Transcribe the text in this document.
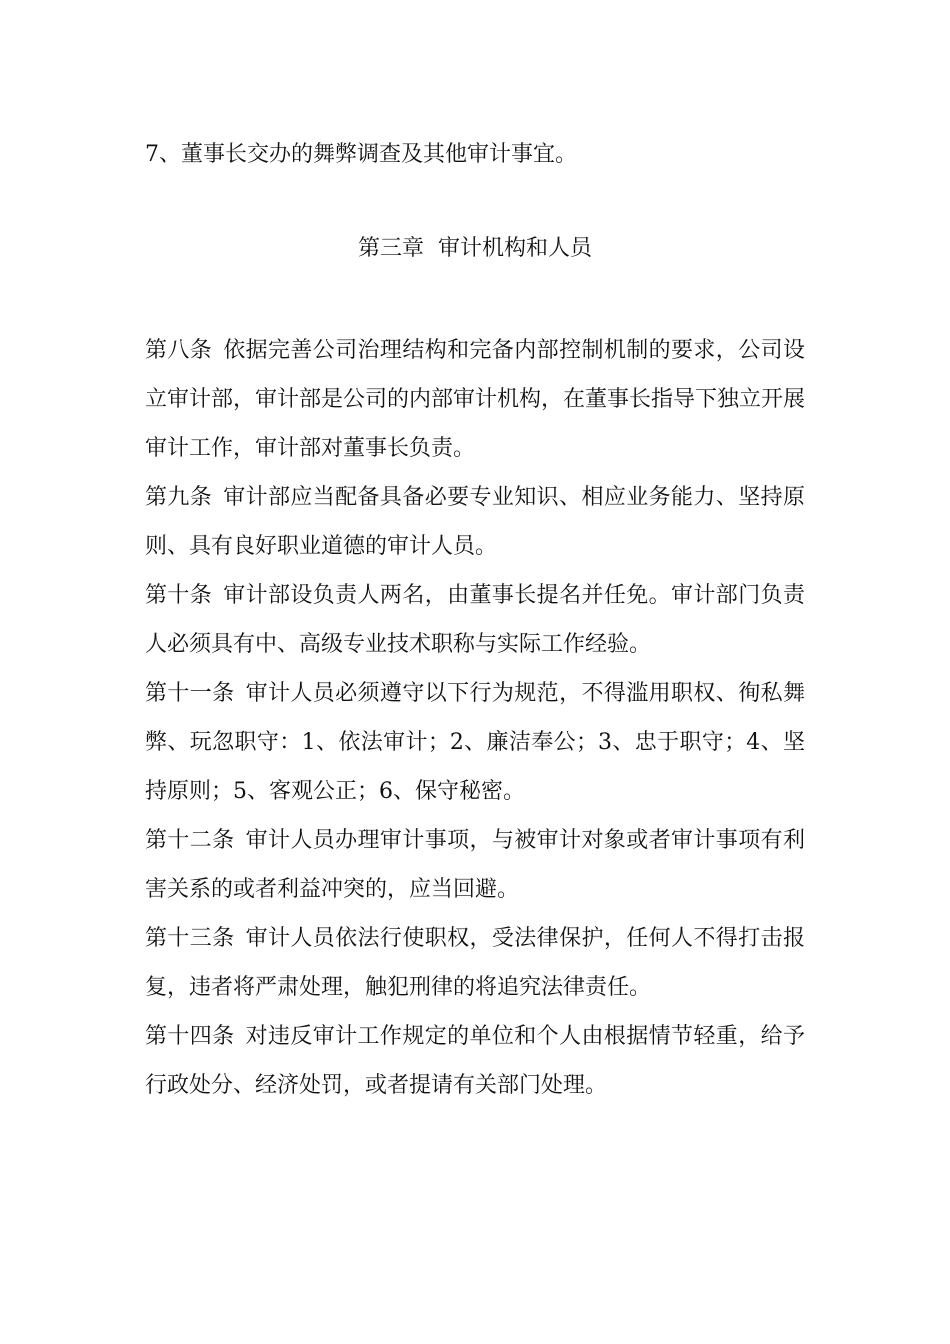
7、董事长交办的舞弊调查及其他审计事宜。

第三章  审计机构和人员

第八条 依据完善公司治理结构和完备内部控制机制的要求，公司设立审计部，审计部是公司的内部审计机构，在董事长指导下独立开展审计工作，审计部对董事长负责。

第九条 审计部应当配备具备必要专业知识、相应业务能力、坚持原则、具有良好职业道德的审计人员。

第十条 审计部设负责人两名，由董事长提名并任免。审计部门负责人必须具有中、高级专业技术职称与实际工作经验。

第十一条 审计人员必须遵守以下行为规范，不得滥用职权、徇私舞弊、玩忽职守：1、依法审计；2、廉洁奉公；3、忠于职守；4、坚持原则；5、客观公正；6、保守秘密。

第十二条 审计人员办理审计事项，与被审计对象或者审计事项有利害关系的或者利益冲突的，应当回避。

第十三条 审计人员依法行使职权，受法律保护，任何人不得打击报复，违者将严肃处理，触犯刑律的将追究法律责任。

第十四条 对违反审计工作规定的单位和个人由根据情节轻重，给予行政处分、经济处罚，或者提请有关部门处理。
